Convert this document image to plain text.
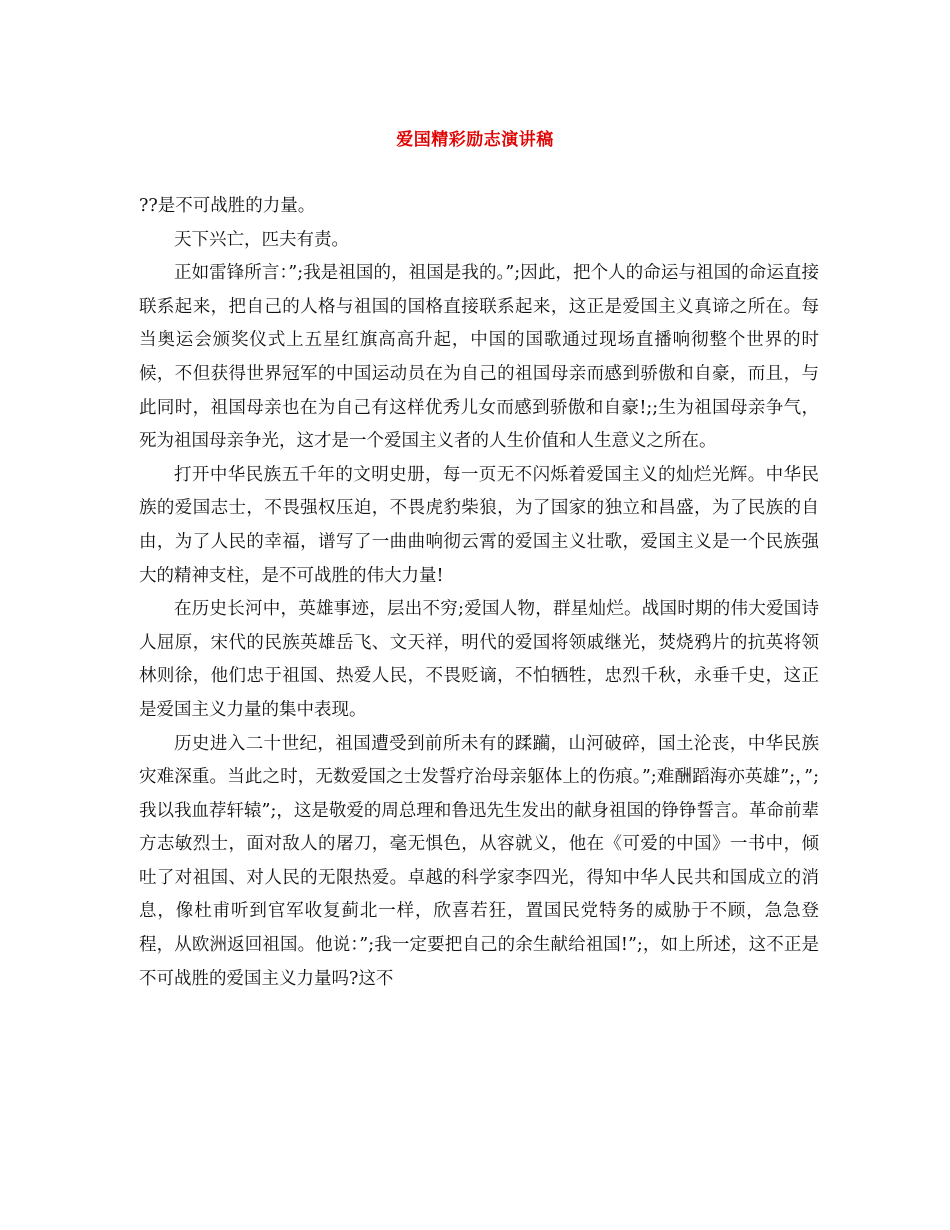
爱国精彩励志演讲稿

??是不可战胜的力量。

天下兴亡，匹夫有责。

正如雷锋所言：”;我是祖国的，祖国是我的。”;因此，把个人的命运与祖国的命运直接联系起来，把自己的人格与祖国的国格直接联系起来，这正是爱国主义真谛之所在。每当奥运会颁奖仪式上五星红旗高高升起，中国的国歌通过现场直播响彻整个世界的时候，不但获得世界冠军的中国运动员在为自己的祖国母亲而感到骄傲和自豪，而且，与此同时，祖国母亲也在为自己有这样优秀儿女而感到骄傲和自豪!;;生为祖国母亲争气，死为祖国母亲争光，这才是一个爱国主义者的人生价值和人生意义之所在。

打开中华民族五千年的文明史册，每一页无不闪烁着爱国主义的灿烂光辉。中华民族的爱国志士，不畏强权压迫，不畏虎豹柴狼，为了国家的独立和昌盛，为了民族的自由，为了人民的幸福，谱写了一曲曲响彻云霄的爱国主义壮歌，爱国主义是一个民族强大的精神支柱，是不可战胜的伟大力量!

在历史长河中，英雄事迹，层出不穷;爱国人物，群星灿烂。战国时期的伟大爱国诗人屈原，宋代的民族英雄岳飞、文天祥，明代的爱国将领戚继光，焚烧鸦片的抗英将领林则徐，他们忠于祖国、热爱人民，不畏贬谪，不怕牺牲，忠烈千秋，永垂千史，这正是爱国主义力量的集中表现。

历史进入二十世纪，祖国遭受到前所未有的蹂躏，山河破碎，国土沦丧，中华民族灾难深重。当此之时，无数爱国之士发誓疗治母亲躯体上的伤痕。”;难酬蹈海亦英雄”;，”;我以我血荐轩辕”;，这是敬爱的周总理和鲁迅先生发出的献身祖国的铮铮誓言。革命前辈方志敏烈士，面对敌人的屠刀，毫无惧色，从容就义，他在《可爱的中国》一书中，倾吐了对祖国、对人民的无限热爱。卓越的科学家李四光，得知中华人民共和国成立的消息，像杜甫听到官军收复蓟北一样，欣喜若狂，置国民党特务的威胁于不顾，急急登程，从欧洲返回祖国。他说：”;我一定要把自己的余生献给祖国!”;，如上所述，这不正是不可战胜的爱国主义力量吗?这不
